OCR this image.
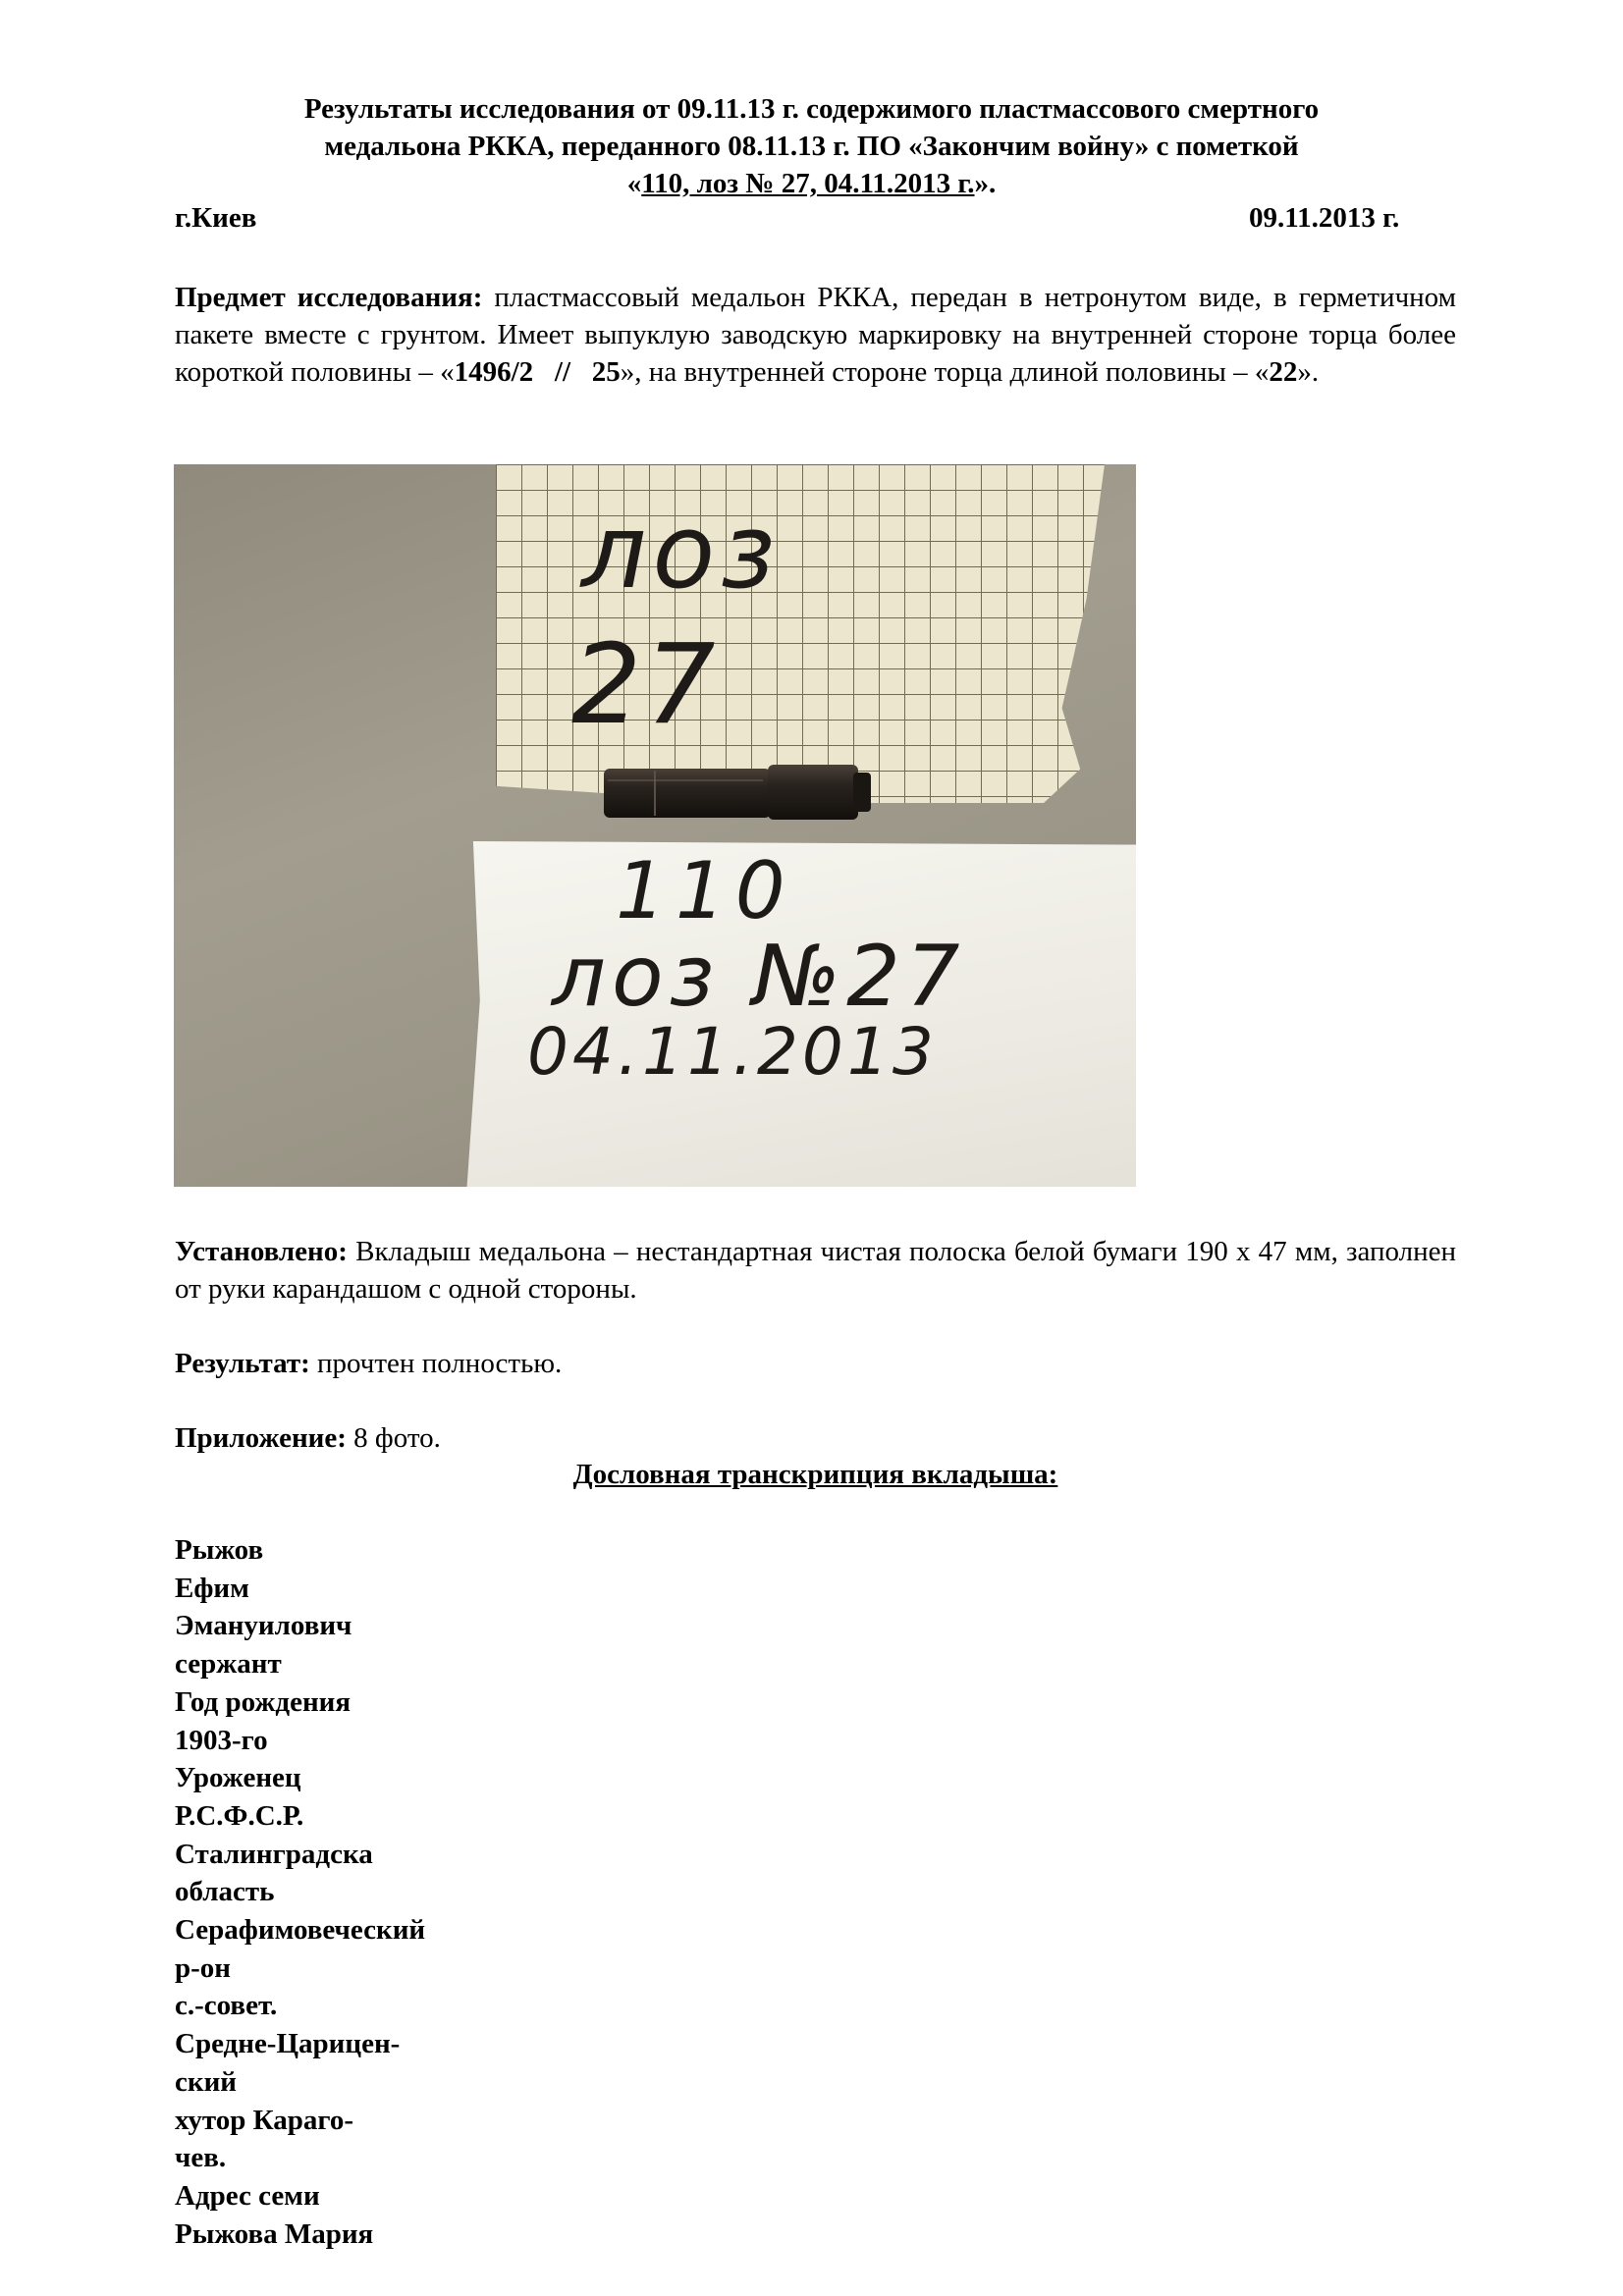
Результаты исследования от 09.11.13 г. содержимого пластмассового смертного
медальона РККА, переданного 08.11.13 г. ПО «Закончим войну» с пометкой
«110, лоз № 27, 04.11.2013 г.».
г.Киев	09.11.2013 г.
Предмет исследования: пластмассовый медальон РККА, передан в нетронутом виде, в герметичном пакете вместе с грунтом. Имеет выпуклую заводскую маркировку на внутренней стороне торца более короткой половины – «1496/2   //   25», на внутренней стороне торца длиной половины – «22».
лоз
27
110
лоз №27
04.11.2013
Установлено: Вкладыш медальона – нестандартная чистая полоска белой бумаги 190 х 47 мм, заполнен от руки карандашом с одной стороны.
Результат: прочтен полностью.
Приложение: 8 фото.
Дословная транскрипция вкладыша:
Рыжов
Ефим
Эмануилович
сержант
Год рождения
1903-го
Уроженец
Р.С.Ф.С.Р.
Сталинградска
область
Серафимовеческий
р-он
с.-совет.
Средне-Царицен-
ский
хутор Караго-
чев.
Адрес семи
Рыжова Мария
